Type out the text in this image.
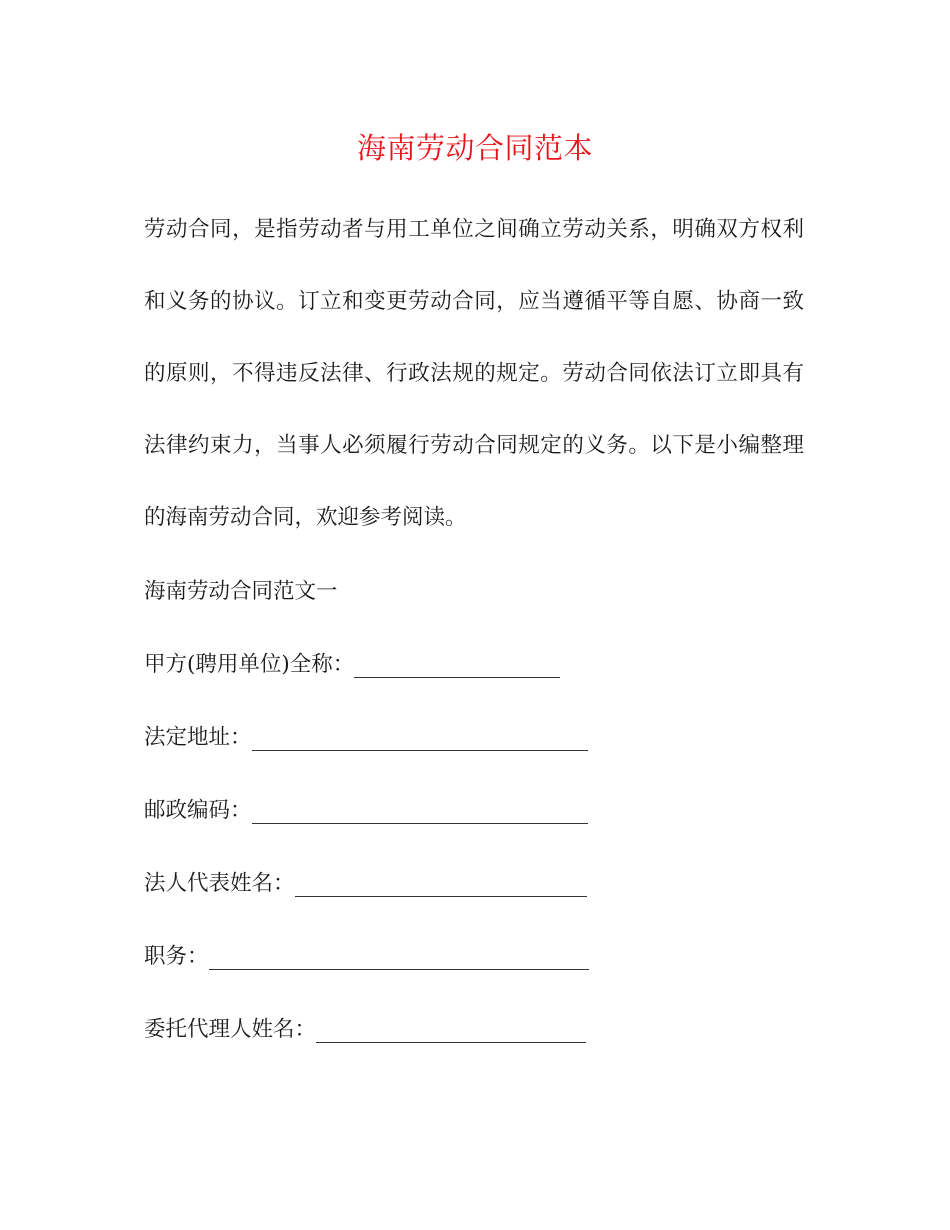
海南劳动合同范本
劳动合同，是指劳动者与用工单位之间确立劳动关系，明确双方权利
和义务的协议。订立和变更劳动合同，应当遵循平等自愿、协商一致
的原则，不得违反法律、行政法规的规定。劳动合同依法订立即具有
法律约束力，当事人必须履行劳动合同规定的义务。以下是小编整理
的海南劳动合同，欢迎参考阅读。
海南劳动合同范文一
甲方(聘用单位)全称：
法定地址：
邮政编码：
法人代表姓名：
职务：
委托代理人姓名：
